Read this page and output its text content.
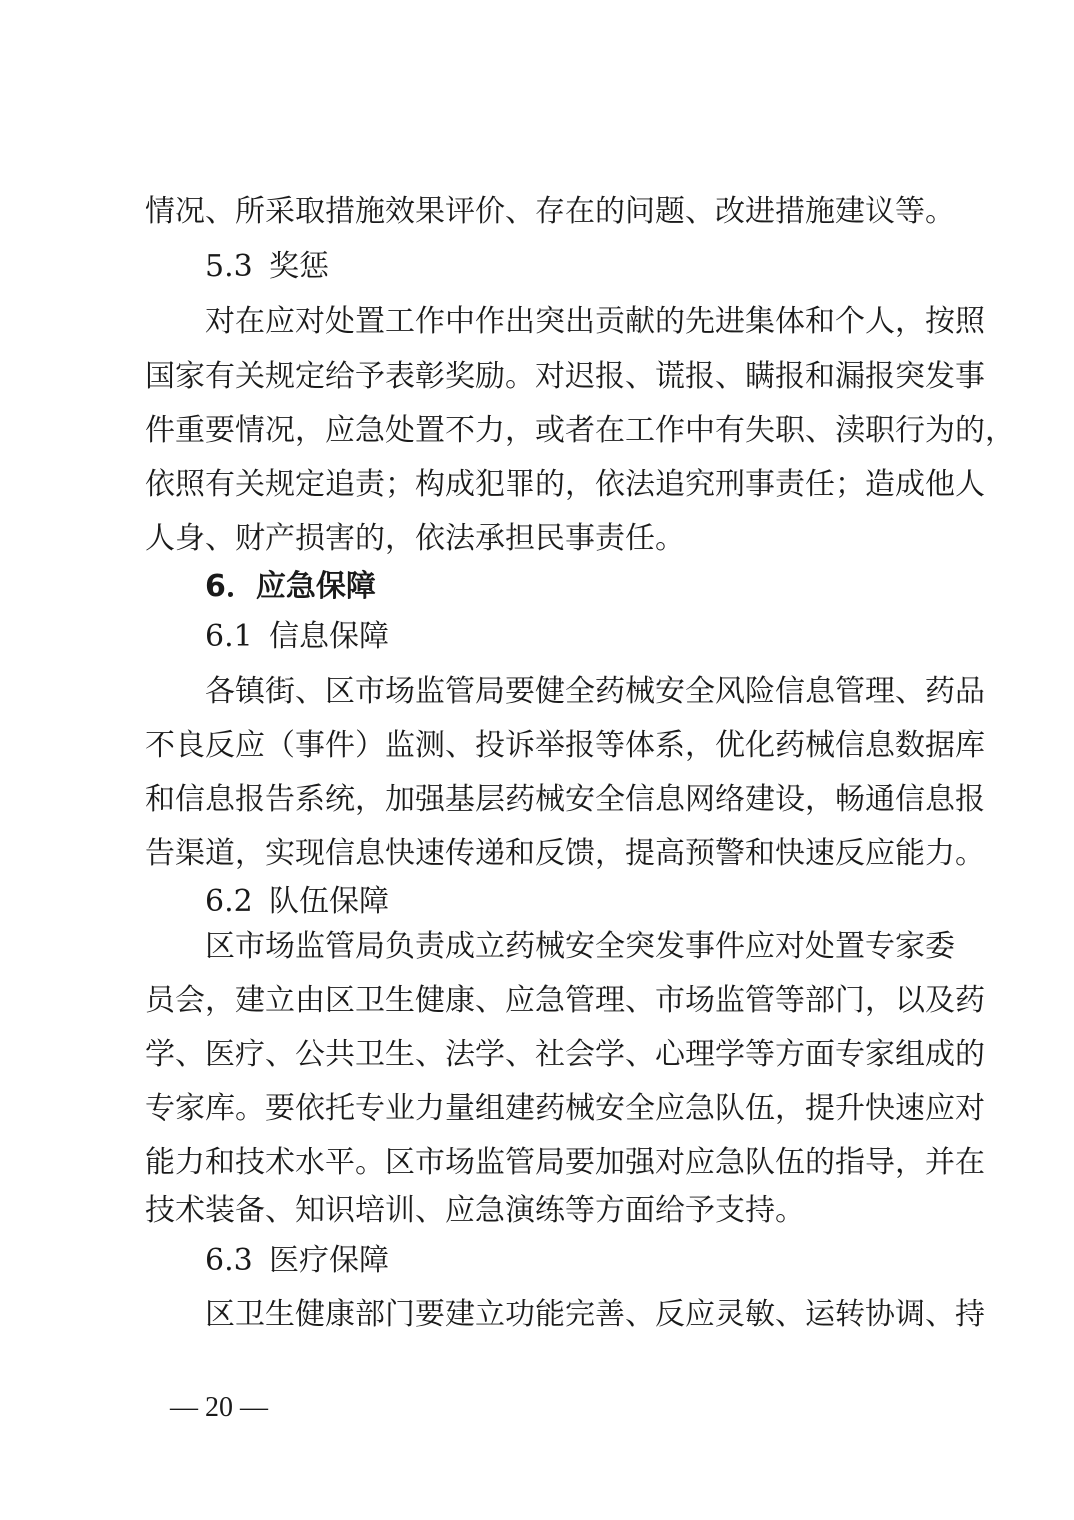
情况、所采取措施效果评价、存在的问题、改进措施建议等。
5.3 奖惩
对在应对处置工作中作出突出贡献的先进集体和个人，按照
国家有关规定给予表彰奖励。对迟报、谎报、瞒报和漏报突发事
件重要情况，应急处置不力，或者在工作中有失职、渎职行为的，
依照有关规定追责；构成犯罪的，依法追究刑事责任；造成他人
人身、财产损害的，依法承担民事责任。
6．应急保障
6.1 信息保障
各镇街、区市场监管局要健全药械安全风险信息管理、药品
不良反应（事件）监测、投诉举报等体系，优化药械信息数据库
和信息报告系统，加强基层药械安全信息网络建设，畅通信息报
告渠道，实现信息快速传递和反馈，提高预警和快速反应能力。
6.2 队伍保障
区市场监管局负责成立药械安全突发事件应对处置专家委
员会，建立由区卫生健康、应急管理、市场监管等部门，以及药
学、医疗、公共卫生、法学、社会学、心理学等方面专家组成的
专家库。要依托专业力量组建药械安全应急队伍，提升快速应对
能力和技术水平。区市场监管局要加强对应急队伍的指导，并在
技术装备、知识培训、应急演练等方面给予支持。
6.3 医疗保障
区卫生健康部门要建立功能完善、反应灵敏、运转协调、持
— 20 —
